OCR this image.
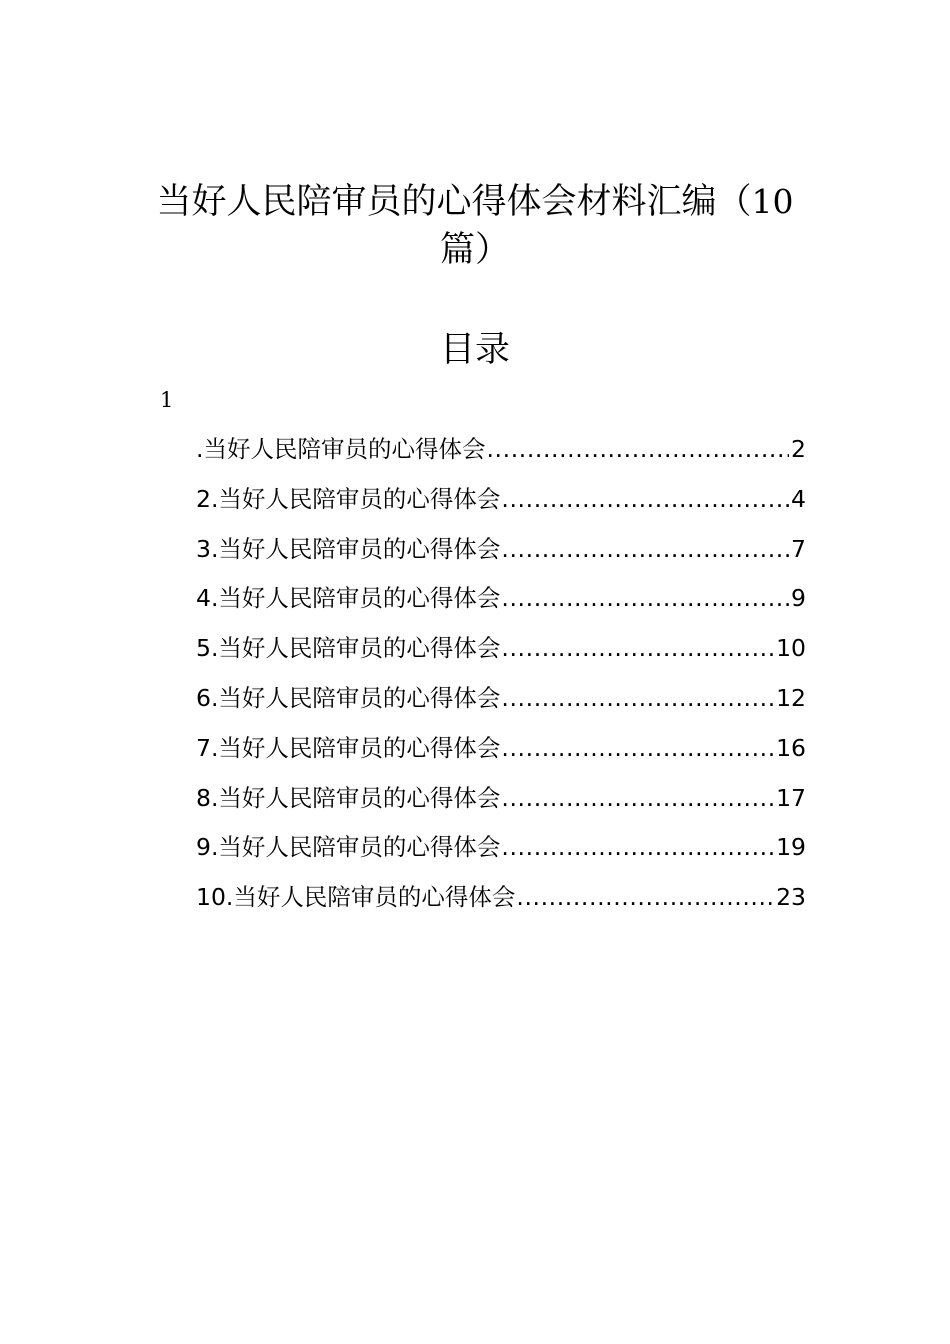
当好人民陪审员的心得体会材料汇编（10
篇）
目录
1
.当好人民陪审员的心得体会 .....	2
2.当好人民陪审员的心得体会 .....	4
3.当好人民陪审员的心得体会 .....	7
4.当好人民陪审员的心得体会 .....	9
5.当好人民陪审员的心得体会 .....	10
6.当好人民陪审员的心得体会 .....	12
7.当好人民陪审员的心得体会 .....	16
8.当好人民陪审员的心得体会 .....	17
9.当好人民陪审员的心得体会 .....	19
10.当好人民陪审员的心得体会 .....	23
